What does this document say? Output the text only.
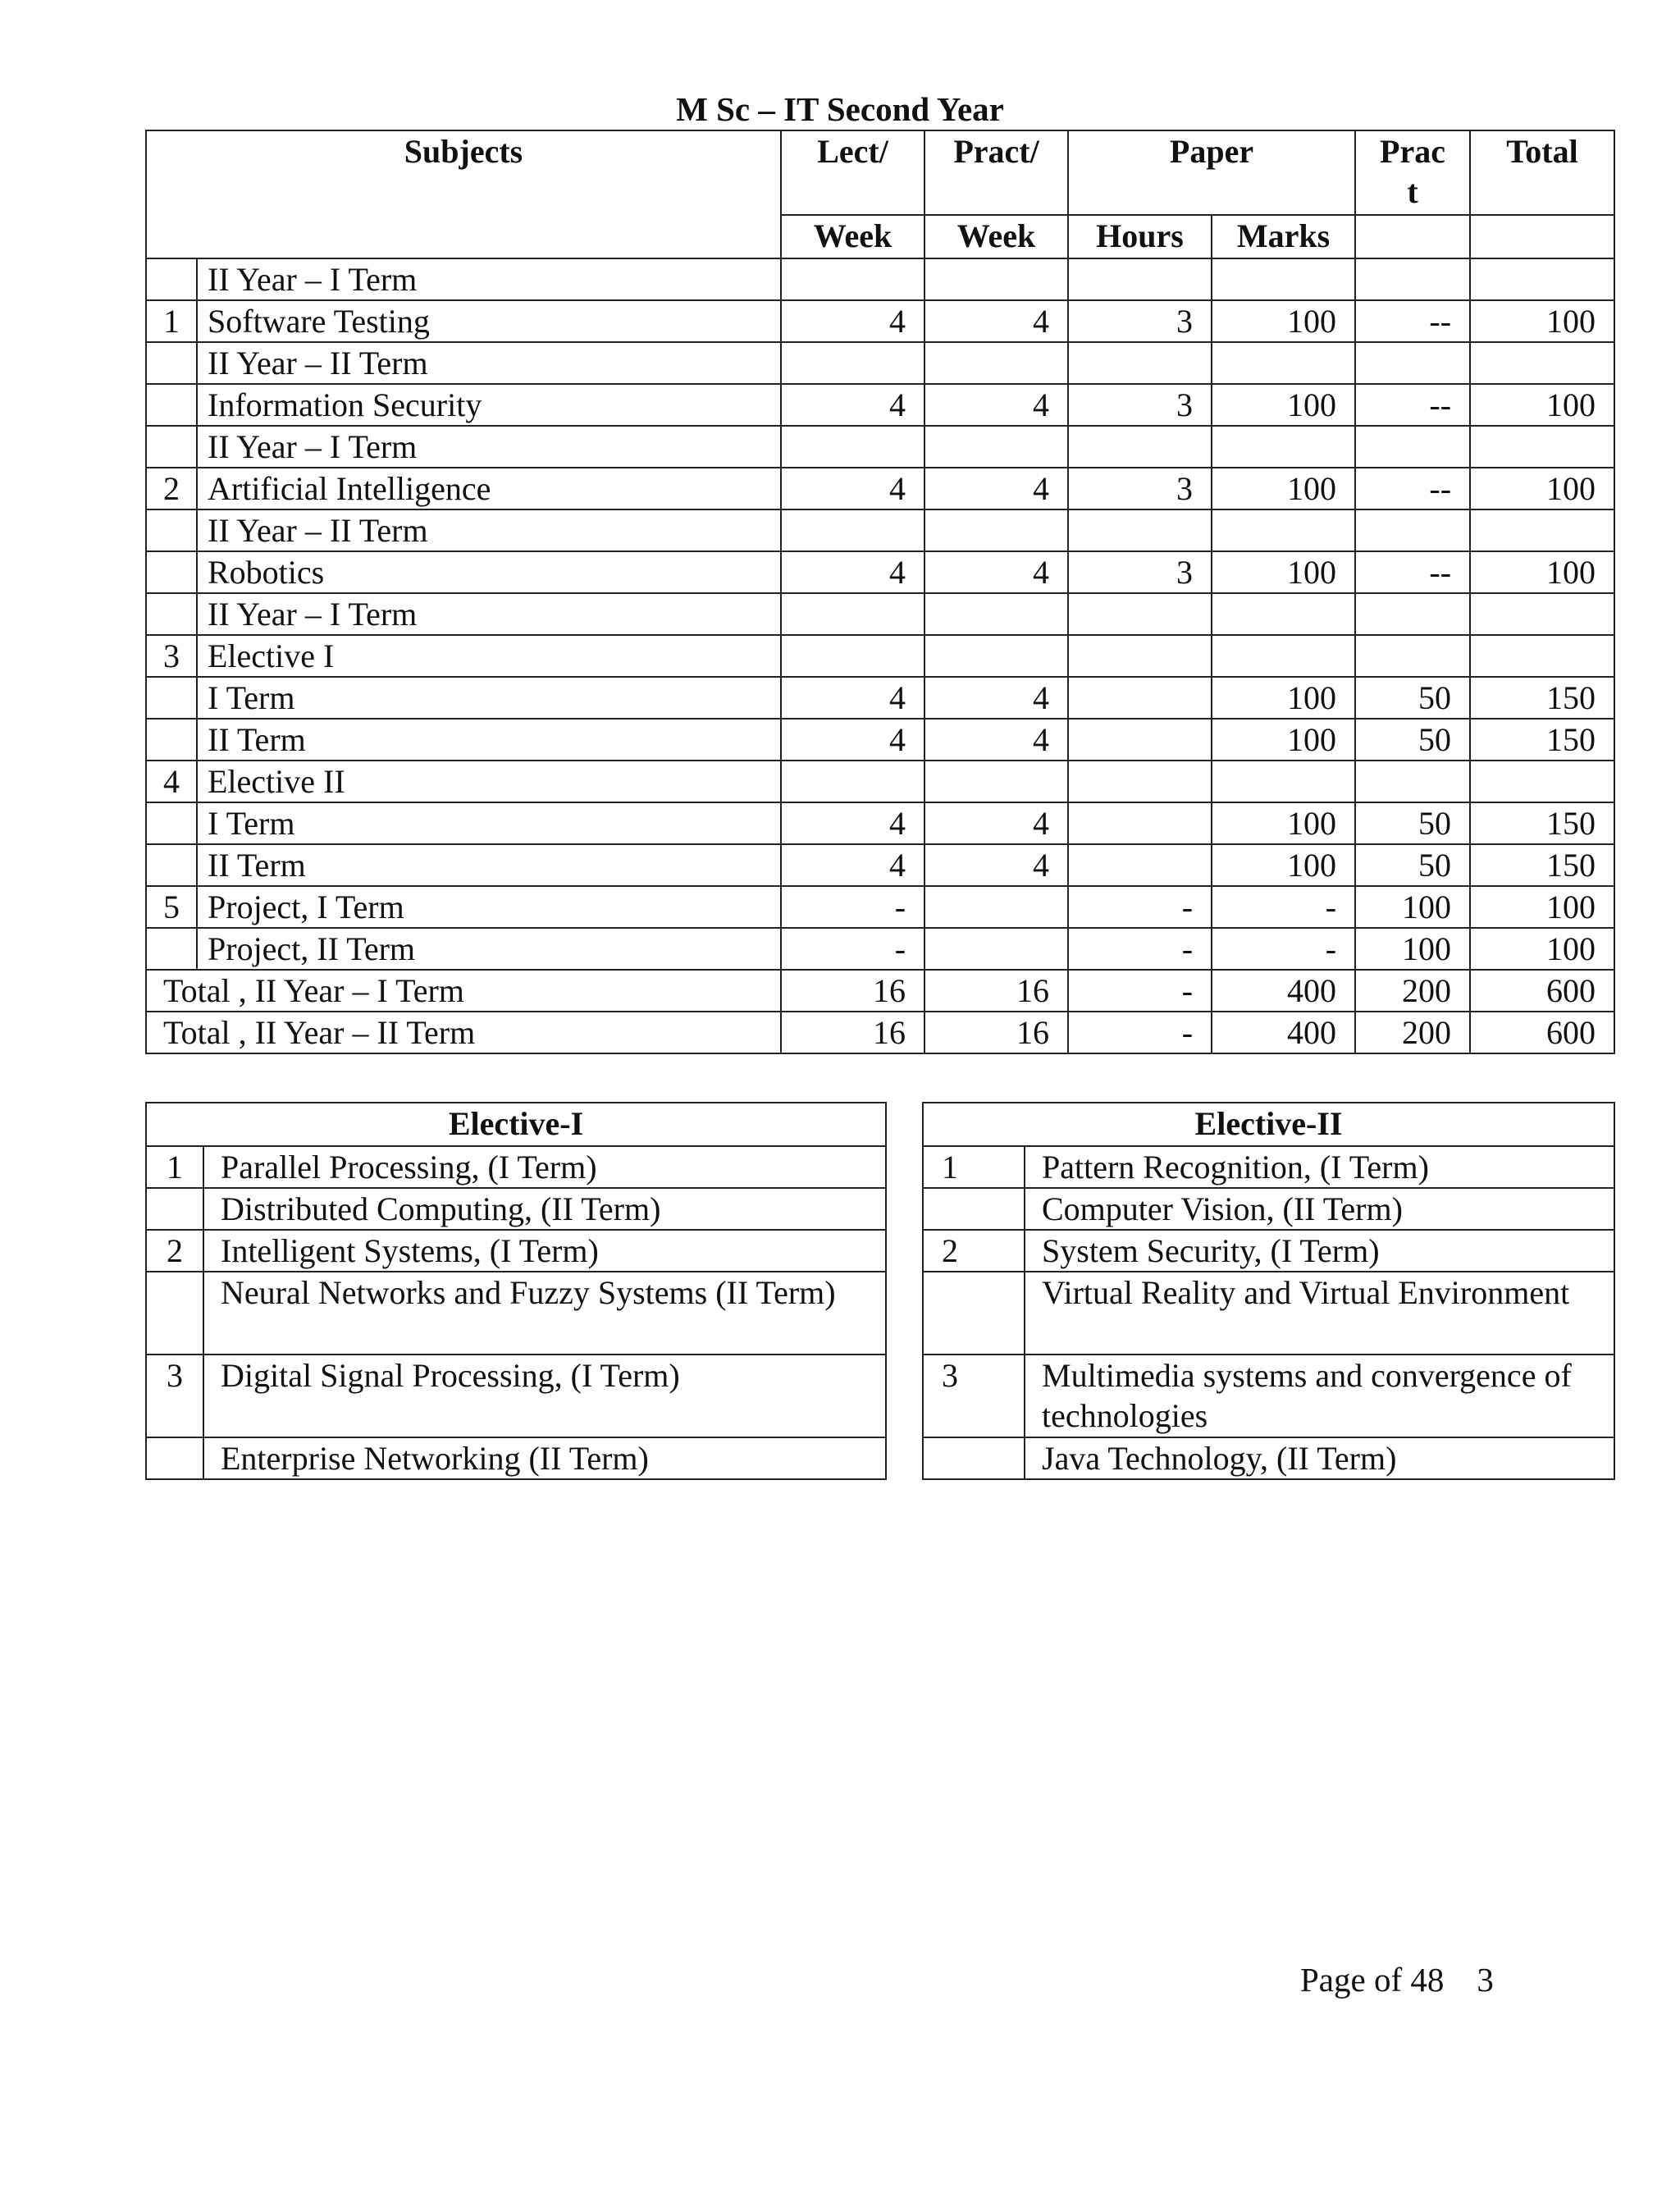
M Sc – IT Second Year
Subjects		Lect/	Pract/	Paper		Prac t	Total
		Week	Week	Hours	Marks		
	II Year – I Term						
1	Software Testing	4	4	3	100	--	100
	II Year – II Term						
	Information Security	4	4	3	100	--	100
	II Year – I Term						
2	Artificial Intelligence	4	4	3	100	--	100
	II Year – II Term						
	Robotics	4	4	3	100	--	100
	II Year – I Term						
3	Elective I						
	I Term	4	4		100	50	150
	II Term	4	4		100	50	150
4	Elective II						
	I Term	4	4		100	50	150
	II Term	4	4		100	50	150
5	Project, I Term	-		-	-	100	100
	Project, II Term	-		-	-	100	100
Total , II Year – I Term		16	16	-	400	200	600
Total , II Year – II Term		16	16	-	400	200	600
Elective-I	
1	Parallel Processing, (I Term)
	Distributed Computing, (II Term)
2	Intelligent Systems, (I Term)
	Neural Networks and Fuzzy Systems (II Term)
3	Digital Signal Processing, (I Term)
	Enterprise Networking (II Term)
Elective-II	
1	Pattern Recognition, (I Term)
	Computer Vision, (II Term)
2	System Security, (I Term)
	Virtual Reality and Virtual Environment
3	Multimedia systems and convergence of technologies
	Java Technology, (II Term)
Page of 48 3
